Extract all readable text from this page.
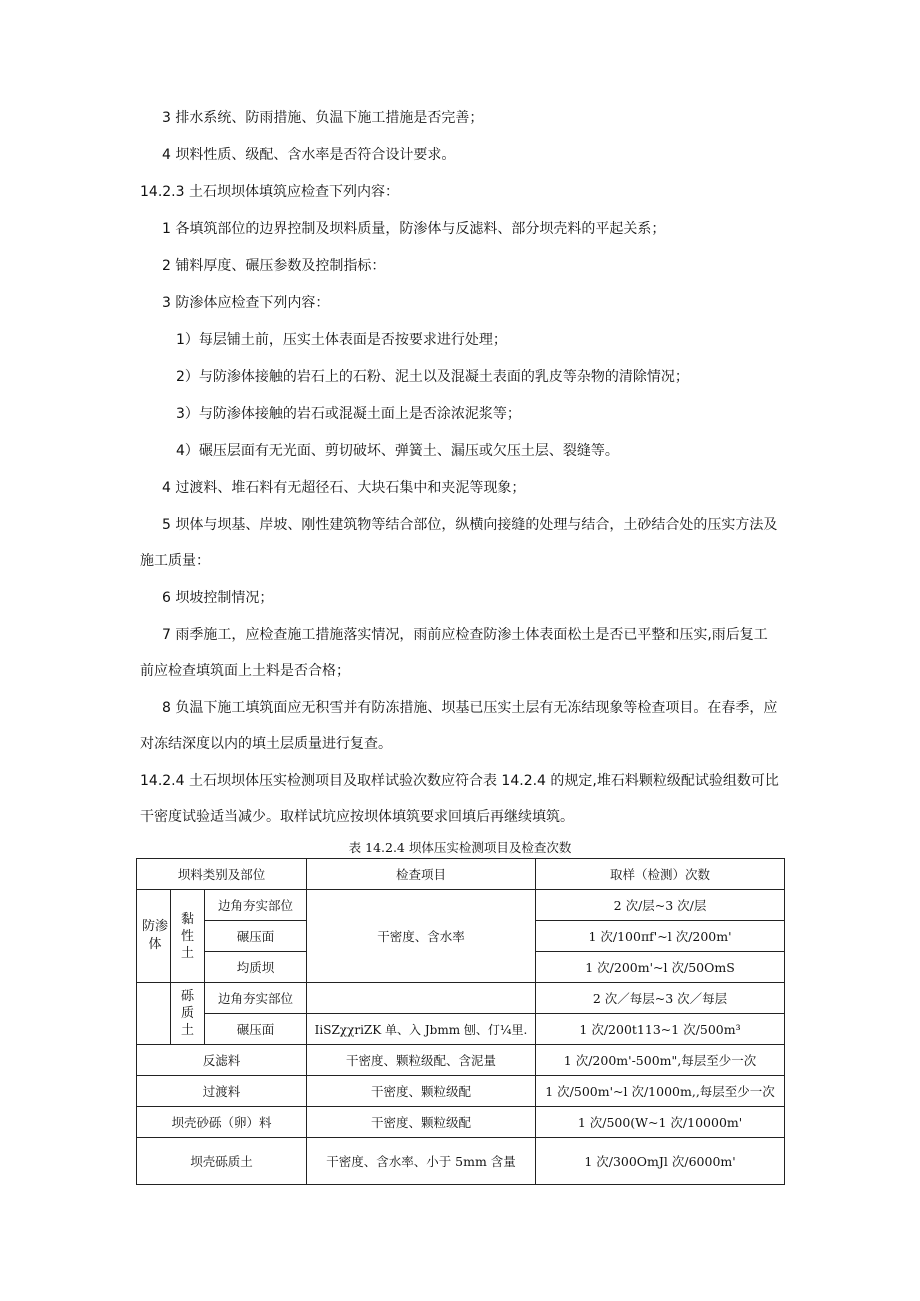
3 排水系统、防雨措施、负温下施工措施是否完善；

4 坝料性质、级配、含水率是否符合设计要求。

14.2.3 土石坝坝体填筑应检查下列内容：

1 各填筑部位的边界控制及坝料质量，防渗体与反滤料、部分坝壳料的平起关系；

2 铺料厚度、碾压参数及控制指标：

3 防渗体应检查下列内容：

1）每层铺土前，压实土体表面是否按要求进行处理；

2）与防渗体接触的岩石上的石粉、泥土以及混凝土表面的乳皮等杂物的清除情况；

3）与防渗体接触的岩石或混凝土面上是否涂浓泥浆等；

4）碾压层面有无光面、剪切破坏、弹簧土、漏压或欠压土层、裂缝等。

4 过渡料、堆石料有无超径石、大块石集中和夹泥等现象；

5 坝体与坝基、岸坡、刚性建筑物等结合部位，纵横向接缝的处理与结合，土砂结合处的压实方法及施工质量：

6 坝坡控制情况；

7 雨季施工，应检查施工措施落实情况，雨前应检查防渗土体表面松土是否已平整和压实,雨后复工前应检查填筑面上土料是否合格；

8 负温下施工填筑面应无积雪并有防冻措施、坝基已压实土层有无冻结现象等检查项目。在春季，应对冻结深度以内的填土层质量进行复查。

14.2.4 土石坝坝体压实检测项目及取样试验次数应符合表 14.2.4 的规定,堆石料颗粒级配试验组数可比干密度试验适当减少。取样试坑应按坝体填筑要求回填后再继续填筑。

表 14.2.4 坝体压实检测项目及检查次数
坝料类别及部位			检查项目	取样（检测）次数
防渗体	黏性土	边角夯实部位	干密度、含水率	2 次/层~3 次/层
		碾压面		1 次/100πf'~l 次/200m'
		均质坝		1 次/200m'~l 次/50OmS
	砾质土	边角夯实部位		2 次／每层~3 次／每层
		碾压面	IiSZχχriZK 单、入 Jbmm 刨、仃¼里.	1 次/200t113~1 次/500m³
反滤料			干密度、颗粒级配、含泥量	1 次/200m'-500m",每层至少一次
过渡料			干密度、颗粒级配	1 次/500m'~l 次/1000m,,每层至少一次
坝壳砂砾（卵）料			干密度、颗粒级配	1 次/500(W~1 次/10000m'
坝壳砾质土			干密度、含水率、小于 5mm 含量	1 次/300OmJl 次/6000m'
